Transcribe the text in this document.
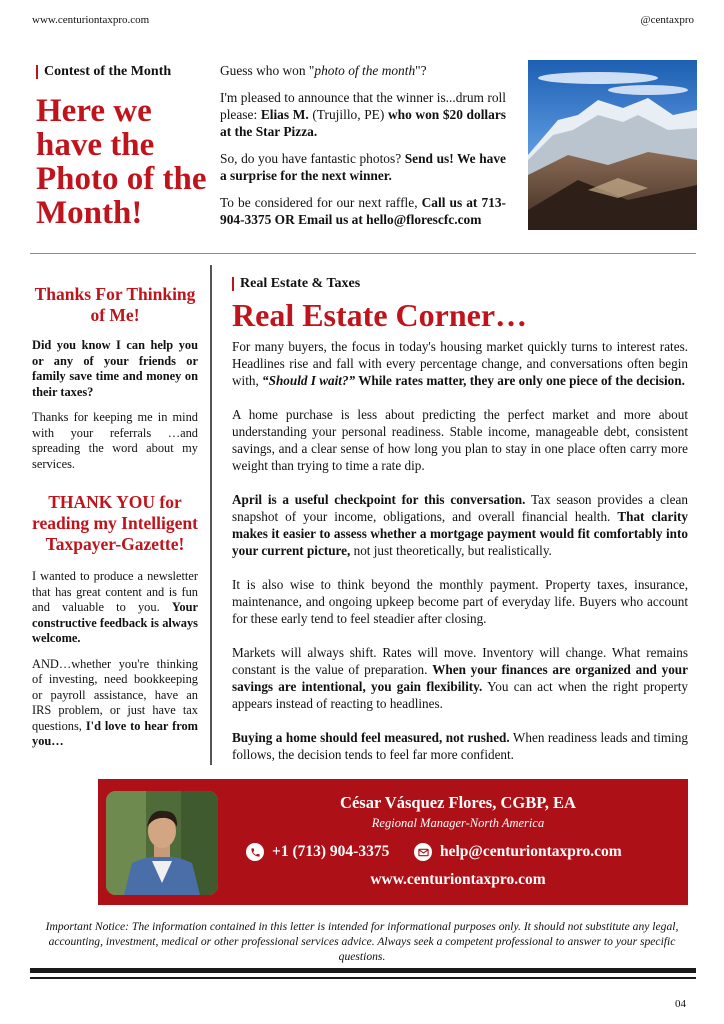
www.centuriontaxpro.com	@centaxpro
Contest of the Month
Here we have the Photo of the Month!

Guess who won "photo of the month"?

I'm pleased to announce that the winner is...drum roll please: Elias M. (Trujillo, PE) who won $20 dollars at the Star Pizza.

So, do you have fantastic photos? Send us! We have a surprise for the next winner.

To be considered for our next raffle, Call us at 713-904-3375 OR Email us at hello@florescfc.com

Thanks For Thinking of Me!

Did you know I can help you or any of your friends or family save time and money on their taxes?

Thanks for keeping me in mind with your referrals …and spreading the word about my services.

THANK YOU for reading my Intelligent Taxpayer-Gazette!

I wanted to produce a newsletter that has great content and is fun and valuable to you. Your constructive feedback is always welcome.

AND…whether you're thinking of investing, need bookkeeping or payroll assistance, have an IRS problem, or just have tax questions, I'd love to hear from you…

Real Estate & Taxes
Real Estate Corner…

For many buyers, the focus in today's housing market quickly turns to interest rates. Headlines rise and fall with every percentage change, and conversations often begin with, “Should I wait?” While rates matter, they are only one piece of the decision.

A home purchase is less about predicting the perfect market and more about understanding your personal readiness. Stable income, manageable debt, consistent savings, and a clear sense of how long you plan to stay in one place often carry more weight than trying to time a rate dip.

April is a useful checkpoint for this conversation. Tax season provides a clean snapshot of your income, obligations, and overall financial health. That clarity makes it easier to assess whether a mortgage payment would fit comfortably into your current picture, not just theoretically, but realistically.

It is also wise to think beyond the monthly payment. Property taxes, insurance, maintenance, and ongoing upkeep become part of everyday life. Buyers who account for these early tend to feel steadier after closing.

Markets will always shift. Rates will move. Inventory will change. What remains constant is the value of preparation. When your finances are organized and your savings are intentional, you gain flexibility. You can act when the right property appears instead of reacting to headlines.

Buying a home should feel measured, not rushed. When readiness leads and timing follows, the decision tends to feel far more confident.

César Vásquez Flores, CGBP, EA
Regional Manager-North America
+1 (713) 904-3375	help@centuriontaxpro.com
www.centuriontaxpro.com
Important Notice: The information contained in this letter is intended for informational purposes only. It should not substitute any legal, accounting, investment, medical or other professional services advice. Always seek a competent professional to answer to your specific questions.
04
